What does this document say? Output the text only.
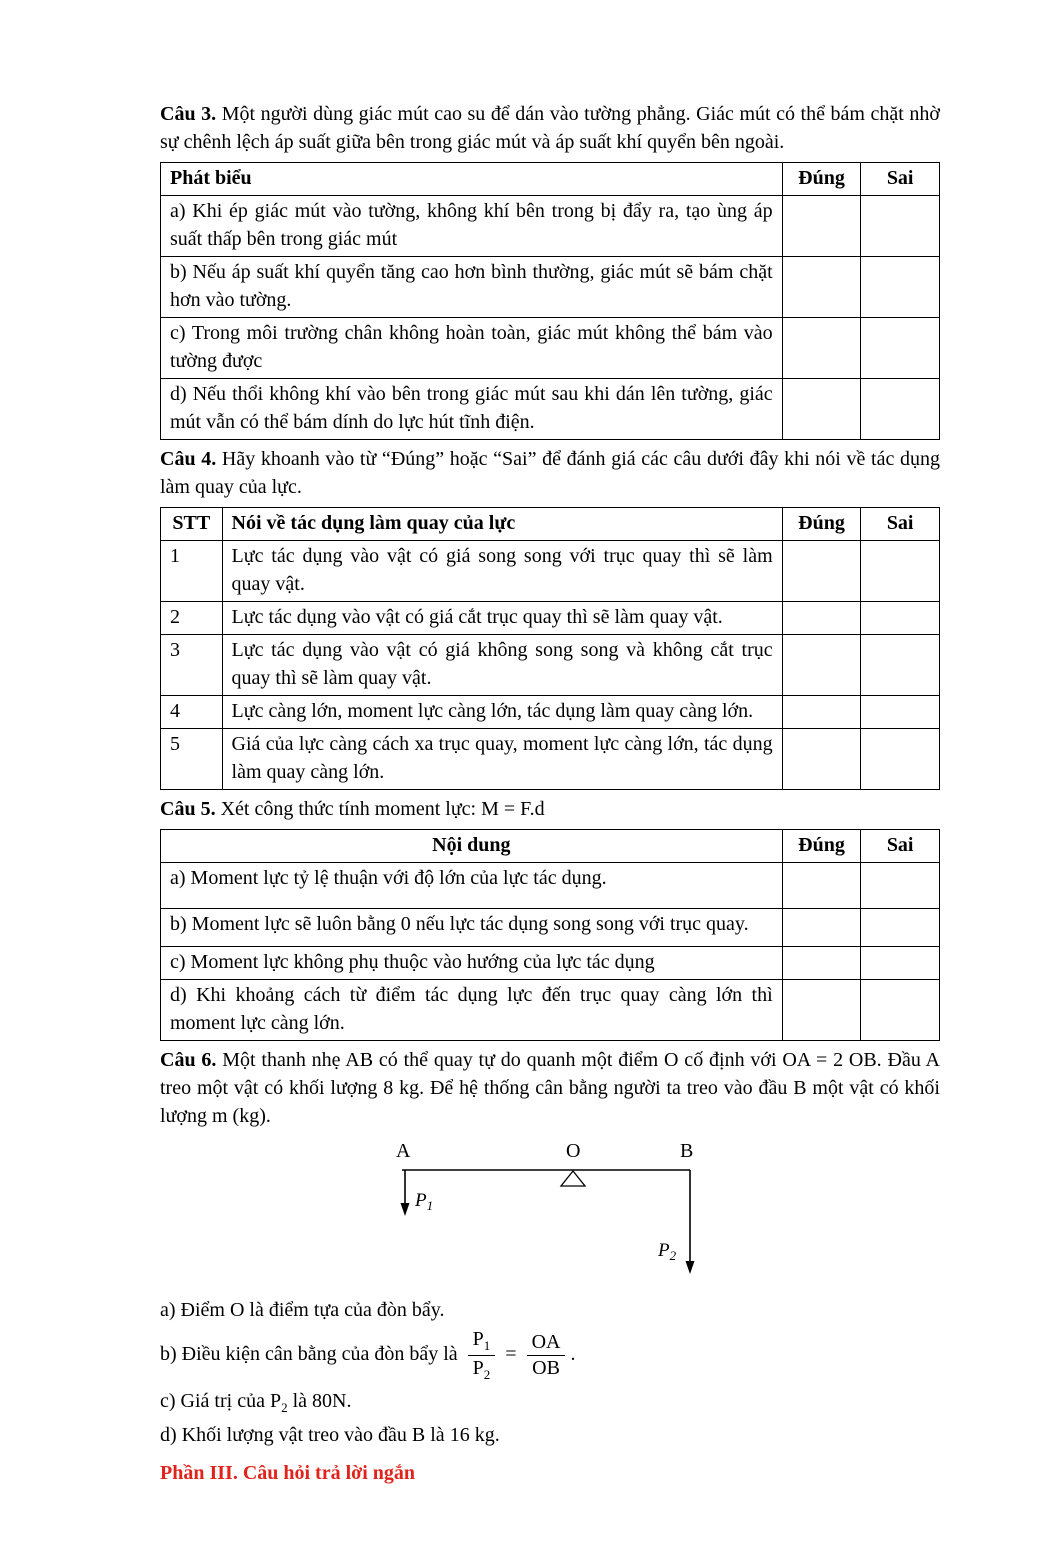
Câu 3. Một người dùng giác mút cao su để dán vào tường phẳng. Giác mút có thể bám chặt nhờ sự chênh lệch áp suất giữa bên trong giác mút và áp suất khí quyển bên ngoài.

Phát biểu	Đúng	Sai
a) Khi ép giác mút vào tường, không khí bên trong bị đẩy ra, tạo ùng áp suất thấp bên trong giác mút		
b) Nếu áp suất khí quyển tăng cao hơn bình thường, giác mút sẽ bám chặt hơn vào tường.		
c) Trong môi trường chân không hoàn toàn, giác mút không thể bám vào tường được		
d) Nếu thổi không khí vào bên trong giác mút sau khi dán lên tường, giác mút vẫn có thể bám dính do lực hút tĩnh điện.		

Câu 4. Hãy khoanh vào từ “Đúng” hoặc “Sai” để đánh giá các câu dưới đây khi nói về tác dụng làm quay của lực.

STT	Nói về tác dụng làm quay của lực	Đúng	Sai
1	Lực tác dụng vào vật có giá song song với trục quay thì sẽ làm quay vật.		
2	Lực tác dụng vào vật có giá cắt trục quay thì sẽ làm quay vật.		
3	Lực tác dụng vào vật có giá không song song và không cắt trục quay thì sẽ làm quay vật.		
4	Lực càng lớn, moment lực càng lớn, tác dụng làm quay càng lớn.		
5	Giá của lực càng cách xa trục quay, moment lực càng lớn, tác dụng làm quay càng lớn.		

Câu 5. Xét công thức tính moment lực: M = F.d

Nội dung	Đúng	Sai
a) Moment lực tỷ lệ thuận với độ lớn của lực tác dụng.		
b) Moment lực sẽ luôn bằng 0 nếu lực tác dụng song song với trục quay.		
c) Moment lực không phụ thuộc vào hướng của lực tác dụng		
d) Khi khoảng cách từ điểm tác dụng lực đến trục quay càng lớn thì moment lực càng lớn.		

Câu 6. Một thanh nhẹ AB có thể quay tự do quanh một điểm O cố định với OA = 2 OB. Đầu A treo một vật có khối lượng 8 kg. Để hệ thống cân bằng người ta treo vào đầu B một vật có khối lượng m (kg).

A	O	B
$P_1$
$P_2$

a) Điểm O là điểm tựa của đòn bẩy.

b) Điều kiện cân bằng của đòn bẩy là $\frac{P_1}{P_2} = \frac{OA}{OB}$ .

c) Giá trị của $P_2$ là 80N.

d) Khối lượng vật treo vào đầu B là 16 kg.

Phần III. Câu hỏi trả lời ngắn
